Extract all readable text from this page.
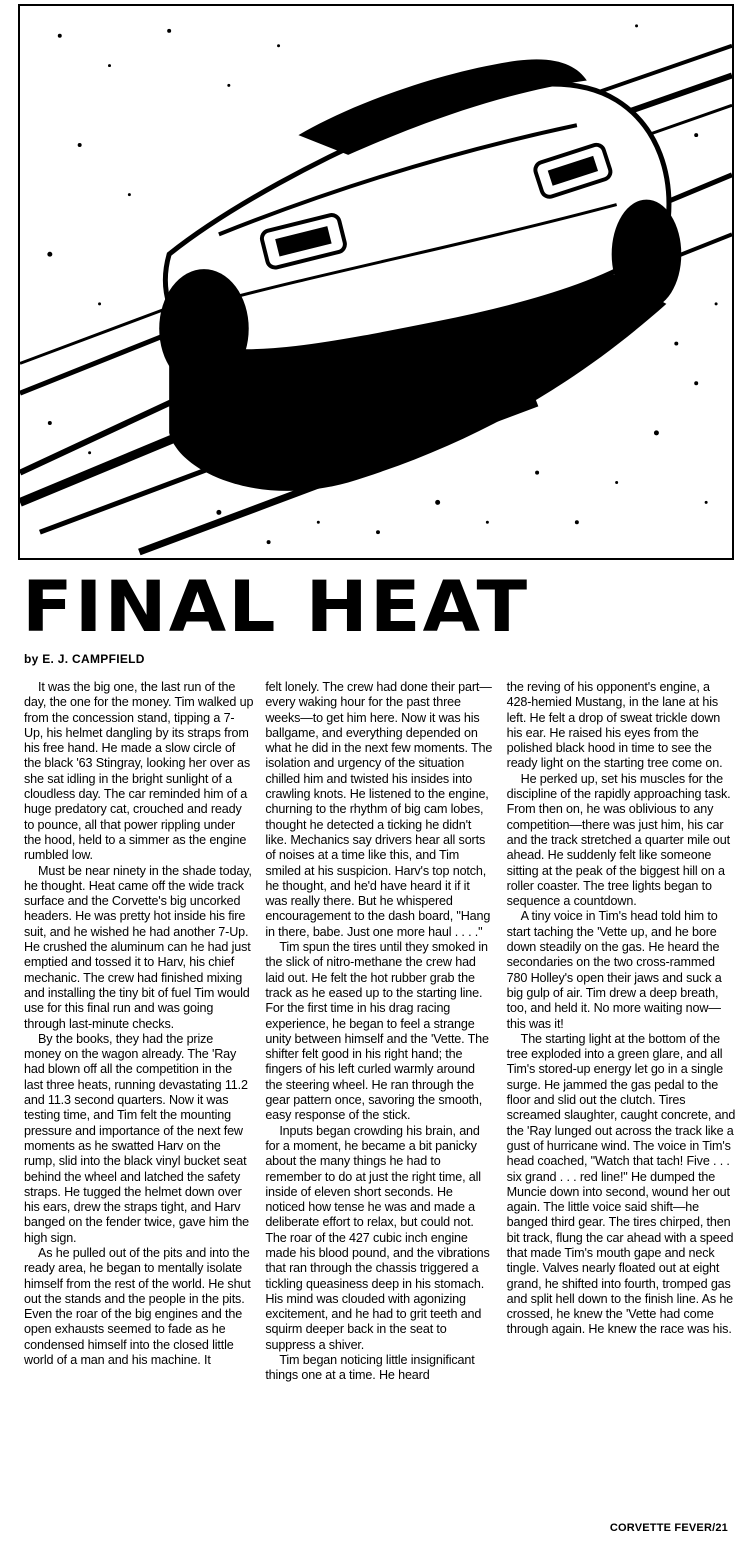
FINAL HEAT
by E. J. CAMPFIELD

It was the big one, the last run of the day, the one for the money. Tim walked up from the concession stand, tipping a 7-Up, his helmet dangling by its straps from his free hand. He made a slow circle of the black '63 Stingray, looking her over as she sat idling in the bright sunlight of a cloudless day. The car reminded him of a huge predatory cat, crouched and ready to pounce, all that power rippling under the hood, held to a simmer as the engine rumbled low.

Must be near ninety in the shade today, he thought. Heat came off the wide track surface and the Corvette's big uncorked headers. He was pretty hot inside his fire suit, and he wished he had another 7-Up. He crushed the aluminum can he had just emptied and tossed it to Harv, his chief mechanic. The crew had finished mixing and installing the tiny bit of fuel Tim would use for this final run and was going through last-minute checks.

By the books, they had the prize money on the wagon already. The 'Ray had blown off all the competition in the last three heats, running devastating 11.2 and 11.3 second quarters. Now it was testing time, and Tim felt the mounting pressure and importance of the next few moments as he swatted Harv on the rump, slid into the black vinyl bucket seat behind the wheel and latched the safety straps. He tugged the helmet down over his ears, drew the straps tight, and Harv banged on the fender twice, gave him the high sign.

As he pulled out of the pits and into the ready area, he began to mentally isolate himself from the rest of the world. He shut out the stands and the people in the pits. Even the roar of the big engines and the open exhausts seemed to fade as he condensed himself into the closed little world of a man and his machine. It

felt lonely. The crew had done their part—every waking hour for the past three weeks—to get him here. Now it was his ballgame, and everything depended on what he did in the next few moments. The isolation and urgency of the situation chilled him and twisted his insides into crawling knots. He listened to the engine, churning to the rhythm of big cam lobes, thought he detected a ticking he didn't like. Mechanics say drivers hear all sorts of noises at a time like this, and Tim smiled at his suspicion. Harv's top notch, he thought, and he'd have heard it if it was really there. But he whispered encouragement to the dash board, "Hang in there, babe. Just one more haul . . . ."

Tim spun the tires until they smoked in the slick of nitro-methane the crew had laid out. He felt the hot rubber grab the track as he eased up to the starting line. For the first time in his drag racing experience, he began to feel a strange unity between himself and the 'Vette. The shifter felt good in his right hand; the fingers of his left curled warmly around the steering wheel. He ran through the gear pattern once, savoring the smooth, easy response of the stick.

Inputs began crowding his brain, and for a moment, he became a bit panicky about the many things he had to remember to do at just the right time, all inside of eleven short seconds. He noticed how tense he was and made a deliberate effort to relax, but could not. The roar of the 427 cubic inch engine made his blood pound, and the vibrations that ran through the chassis triggered a tickling queasiness deep in his stomach. His mind was clouded with agonizing excitement, and he had to grit teeth and squirm deeper back in the seat to suppress a shiver.

Tim began noticing little insignificant things one at a time. He heard

the reving of his opponent's engine, a 428-hemied Mustang, in the lane at his left. He felt a drop of sweat trickle down his ear. He raised his eyes from the polished black hood in time to see the ready light on the starting tree come on.

He perked up, set his muscles for the discipline of the rapidly approaching task. From then on, he was oblivious to any competition—there was just him, his car and the track stretched a quarter mile out ahead. He suddenly felt like someone sitting at the peak of the biggest hill on a roller coaster. The tree lights began to sequence a countdown.

A tiny voice in Tim's head told him to start taching the 'Vette up, and he bore down steadily on the gas. He heard the secondaries on the two cross-rammed 780 Holley's open their jaws and suck a big gulp of air. Tim drew a deep breath, too, and held it. No more waiting now—this was it!

The starting light at the bottom of the tree exploded into a green glare, and all Tim's stored-up energy let go in a single surge. He jammed the gas pedal to the floor and slid out the clutch. Tires screamed slaughter, caught concrete, and the 'Ray lunged out across the track like a gust of hurricane wind. The voice in Tim's head coached, "Watch that tach! Five . . . six grand . . . red line!" He dumped the Muncie down into second, wound her out again. The little voice said shift—he banged third gear. The tires chirped, then bit track, flung the car ahead with a speed that made Tim's mouth gape and neck tingle. Valves nearly floated out at eight grand, he shifted into fourth, tromped gas and split hell down to the finish line. As he crossed, he knew the 'Vette had come through again. He knew the race was his.

CORVETTE FEVER/21
